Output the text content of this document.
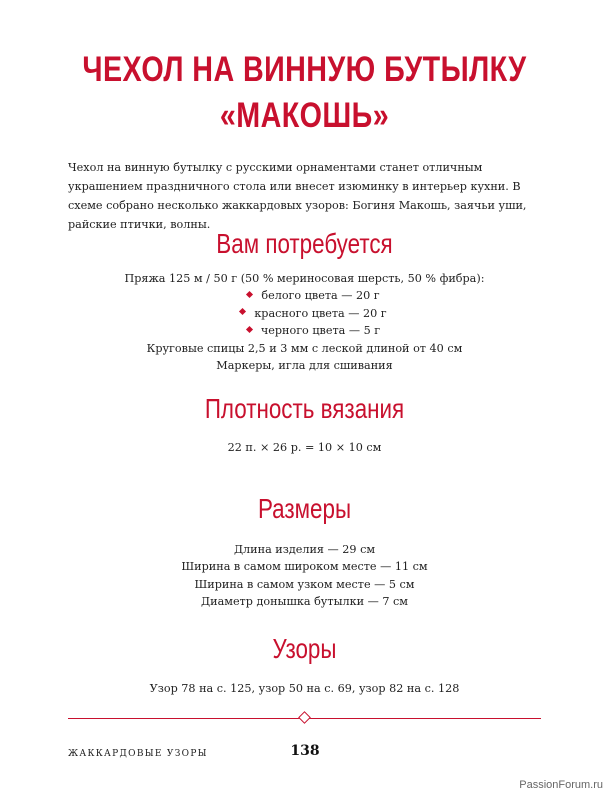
ЧЕХОЛ НА ВИННУЮ БУТЫЛКУ
«МАКОШЬ»

Чехол на винную бутылку с русскими орнаментами станет отличным украшением праздничного стола или внесет изюминку в интерьер кухни. В схеме собрано несколько жаккардовых узоров: Богиня Макошь, заячьи уши, райские птички, волны.

Вам потребуется
Пряжа 125 м / 50 г (50 % мериносовая шерсть, 50 % фибра):
белого цвета — 20 г
красного цвета — 20 г
черного цвета — 5 г
Круговые спицы 2,5 и 3 мм с леской длиной от 40 см
Маркеры, игла для сшивания
Плотность вязания
22 п. × 26 р. = 10 × 10 см
Размеры
Длина изделия — 29 см
Ширина в самом широком месте — 11 см
Ширина в самом узком месте — 5 см
Диаметр донышка бутылки — 7 см
Узоры
Узор 78 на с. 125, узор 50 на с. 69, узор 82 на с. 128
ЖАККАРДОВЫЕ УЗОРЫ	138
PassionForum.ru
